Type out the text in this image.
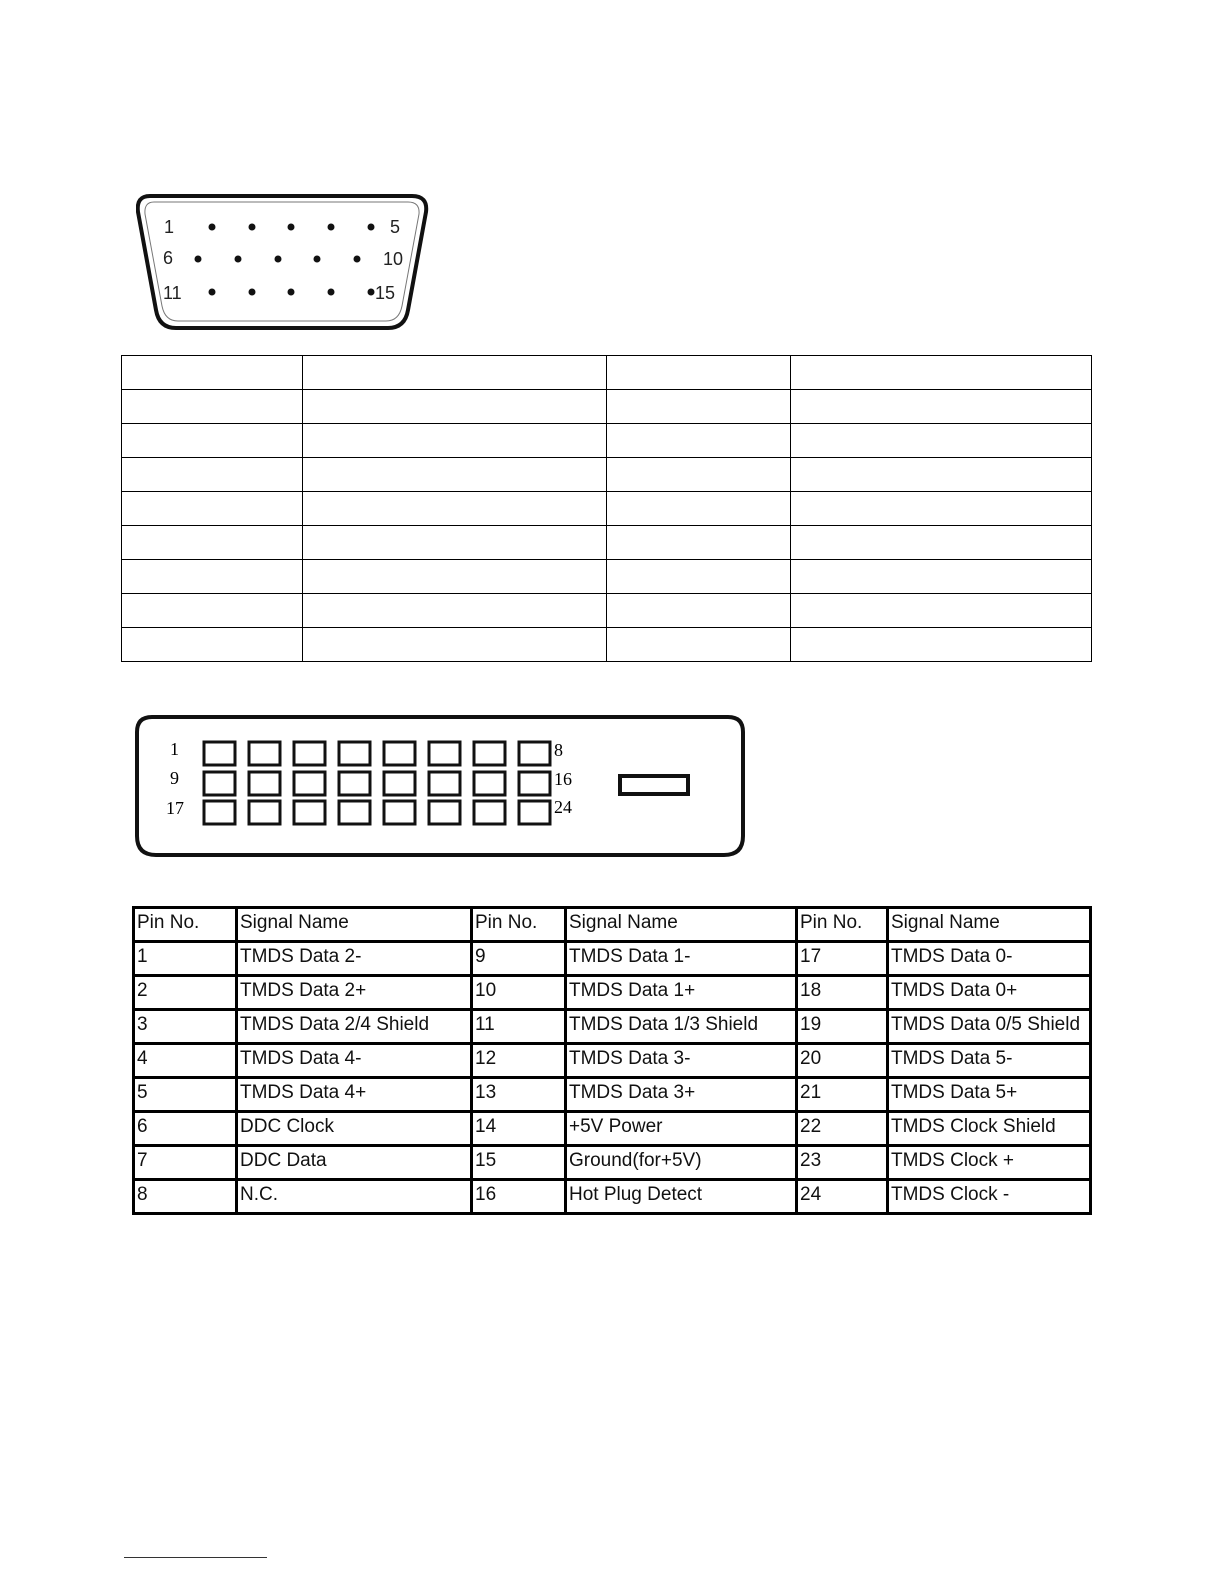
1	5
6	10
11	15

1	8
9	16
17	24
Pin No.	Signal Name	Pin No.	Signal Name	Pin No.	Signal Name
1	TMDS Data 2-	9	TMDS Data 1-	17	TMDS Data 0-
2	TMDS Data 2+	10	TMDS Data 1+	18	TMDS Data 0+
3	TMDS Data 2/4 Shield	11	TMDS Data 1/3 Shield	19	TMDS Data 0/5 Shield
4	TMDS Data 4-	12	TMDS Data 3-	20	TMDS Data 5-
5	TMDS Data 4+	13	TMDS Data 3+	21	TMDS Data 5+
6	DDC Clock	14	+5V Power	22	TMDS Clock Shield
7	DDC Data	15	Ground(for+5V)	23	TMDS Clock +
8	N.C.	16	Hot Plug Detect	24	TMDS Clock -
